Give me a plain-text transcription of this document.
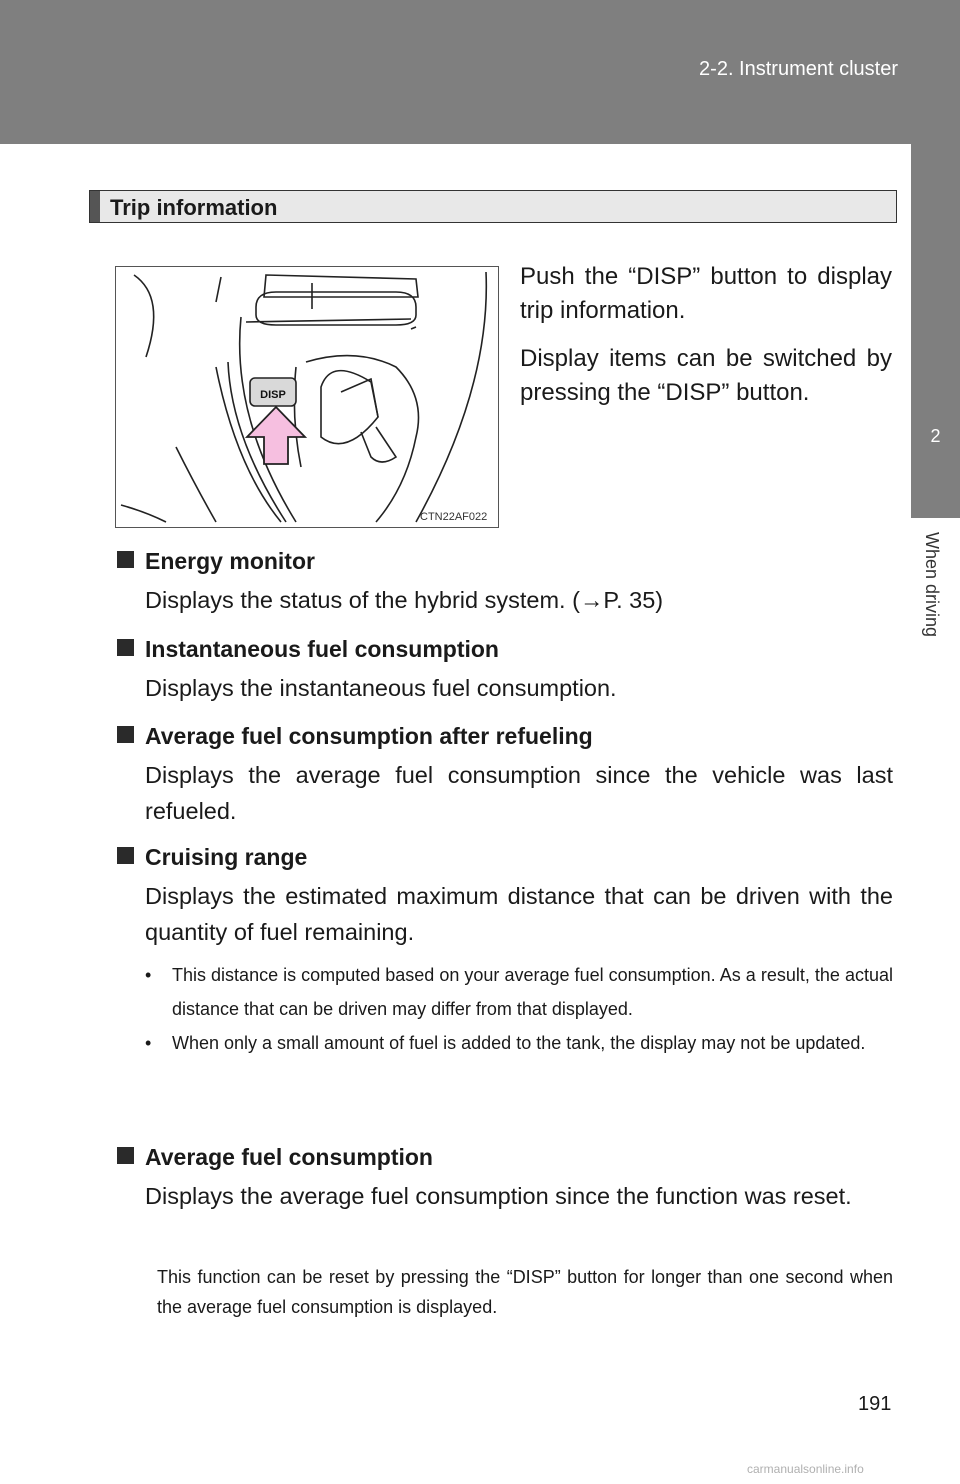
2-2. Instrument cluster
2
When driving
Trip information
DISP
CTN22AF022

Push the “DISP” button to display trip information.

Display items can be switched by pressing the “DISP” button.

Energy monitor
Displays the status of the hybrid system. (→P. 35)
Instantaneous fuel consumption
Displays the instantaneous fuel consumption.
Average fuel consumption after refueling
Displays the average fuel consumption since the vehicle was last refueled.
Cruising range
Displays the estimated maximum distance that can be driven with the quantity of fuel remaining.
• This distance is computed based on your average fuel consumption. As a result, the actual distance that can be driven may differ from that displayed.
• When only a small amount of fuel is added to the tank, the display may not be updated.
Average fuel consumption
Displays the average fuel consumption since the function was reset.

This function can be reset by pressing the “DISP” button for longer than one second when the average fuel consumption is displayed.

191
carmanualsonline.info
